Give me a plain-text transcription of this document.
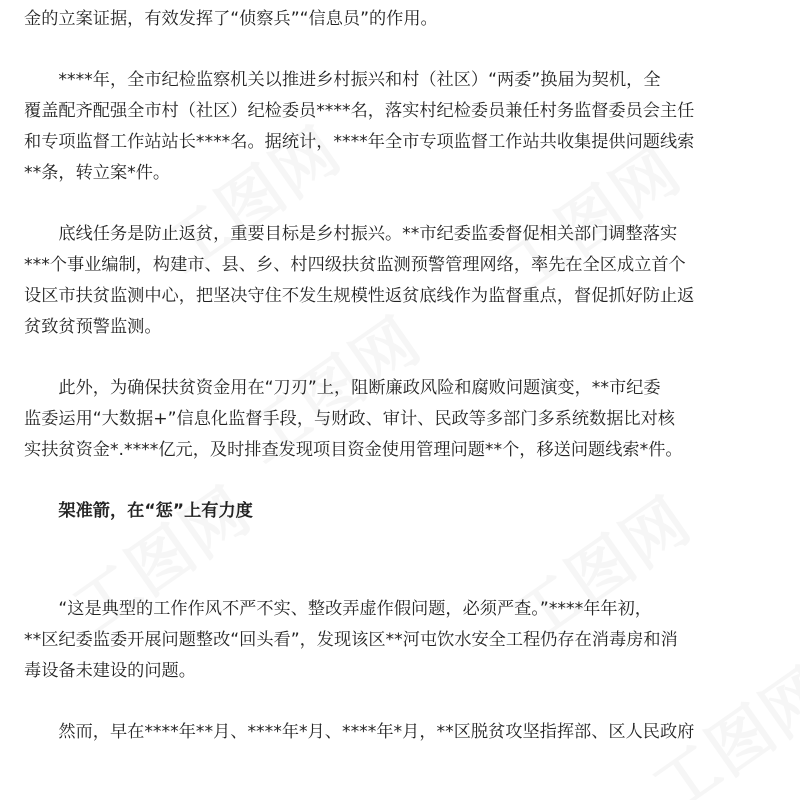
金的立案证据，有效发挥了“侦察兵”“信息员”的作用。
　　****年，全市纪检监察机关以推进乡村振兴和村（社区）“两委”换届为契机，全
覆盖配齐配强全市村（社区）纪检委员****名，落实村纪检委员兼任村务监督委员会主任
和专项监督工作站站长****名。据统计，****年全市专项监督工作站共收集提供问题线索
**条，转立案*件。
　　底线任务是防止返贫，重要目标是乡村振兴。**市纪委监委督促相关部门调整落实
***个事业编制，构建市、县、乡、村四级扶贫监测预警管理网络，率先在全区成立首个
设区市扶贫监测中心，把坚决守住不发生规模性返贫底线作为监督重点，督促抓好防止返
贫致贫预警监测。
　　此外，为确保扶贫资金用在“刀刃”上，阻断廉政风险和腐败问题演变，**市纪委
监委运用“大数据+”信息化监督手段，与财政、审计、民政等多部门多系统数据比对核
实扶贫资金*.****亿元，及时排查发现项目资金使用管理问题**个，移送问题线索*件。
　　架准箭，在“惩”上有力度
　　“这是典型的工作作风不严不实、整改弄虚作假问题，必须严查。”****年年初，
**区纪委监委开展问题整改“回头看”，发现该区**河屯饮水安全工程仍存在消毒房和消
毒设备未建设的问题。
　　然而，早在****年**月、****年*月、****年*月，**区脱贫攻坚指挥部、区人民政府
